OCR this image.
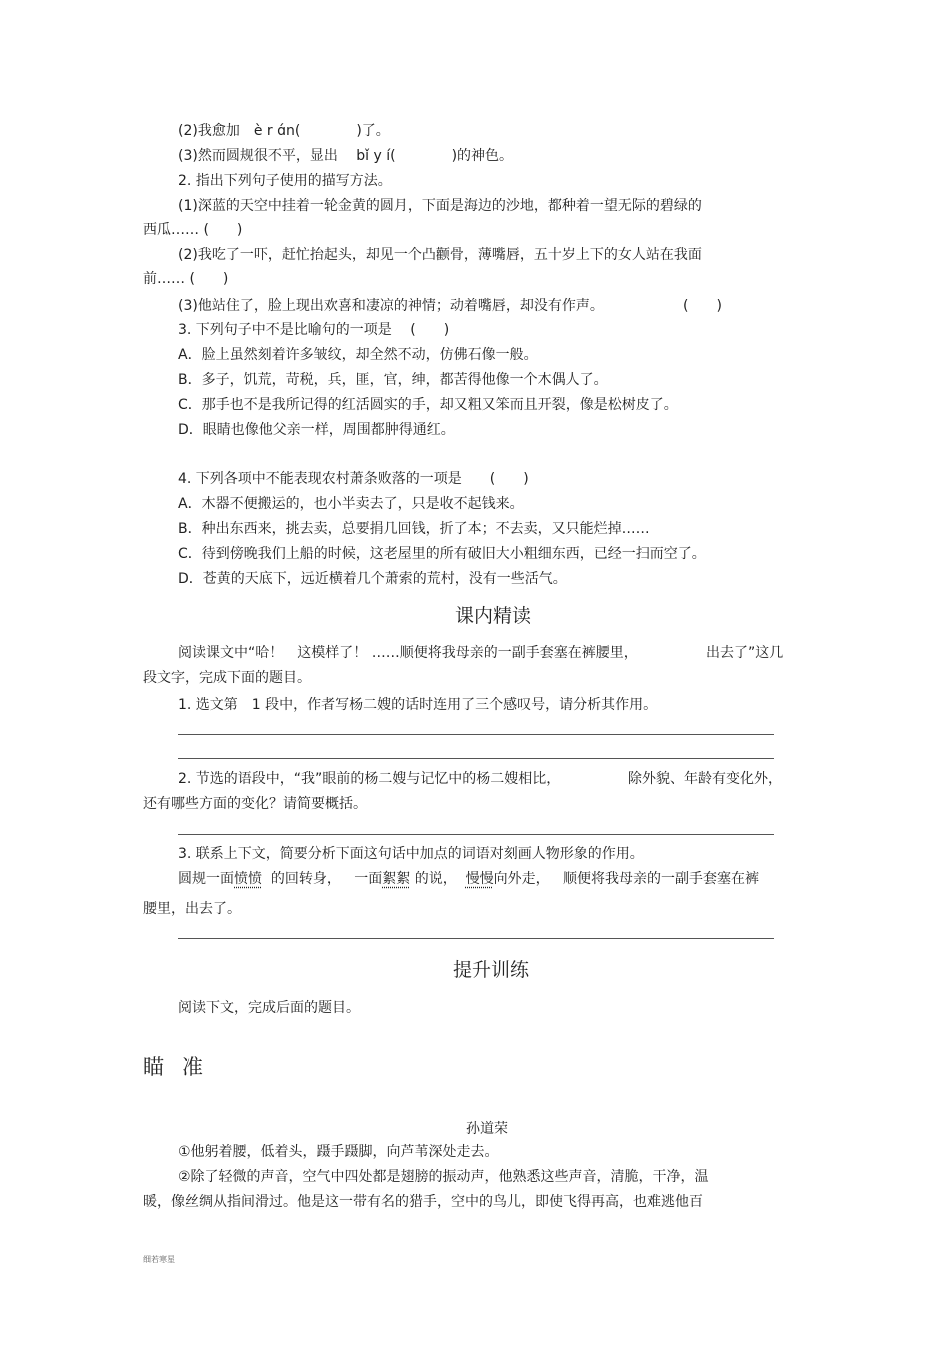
(2)我愈加　è r ɑ́n(　　　　)了。
(3)然而圆规很不平，显出　 bǐ y í(　　　　)的神色。
2. 指出下列句子使用的描写方法。
(1)深蓝的天空中挂着一轮金黄的圆月，下面是海边的沙地，都种着一望无际的碧绿的
西瓜…… (　　)
(2)我吃了一吓，赶忙抬起头，却见一个凸颧骨，薄嘴唇，五十岁上下的女人站在我面
前…… (　　)
(3)他站住了，脸上现出欢喜和凄凉的神情；动着嘴唇，却没有作声。	(　　)
3. 下列句子中不是比喻句的一项是　 (　　)
A．脸上虽然刻着许多皱纹，却全然不动，仿佛石像一般。
B．多子，饥荒，苛税，兵，匪，官，绅，都苦得他像一个木偶人了。
C．那手也不是我所记得的红活圆实的手，却又粗又笨而且开裂，像是松树皮了。
D．眼睛也像他父亲一样，周围都肿得通红。
4. 下列各项中不能表现农村萧条败落的一项是　　(　　)
A．木器不便搬运的，也小半卖去了，只是收不起钱来。
B．种出东西来，挑去卖，总要捐几回钱，折了本；不去卖，又只能烂掉……
C．待到傍晚我们上船的时候，这老屋里的所有破旧大小粗细东西，已经一扫而空了。
D．苍黄的天底下，远近横着几个萧索的荒村，没有一些活气。
课内精读
阅读课文中“哈！　这模样了！ ……顺便将我母亲的一副手套塞在裤腰里，	出去了”这几
段文字，完成下面的题目。
1. 选文第　1 段中，作者写杨二嫂的话时连用了三个感叹号，请分析其作用。
2. 节选的语段中，“我”眼前的杨二嫂与记忆中的杨二嫂相比，	除外貌、年龄有变化外，
还有哪些方面的变化？请简要概括。
3. 联系上下文，简要分析下面这句话中加点的词语对刻画人物形象的作用。
圆规一面愤愤 的回转身， 一面絮絮 的说， 慢慢向外走， 顺便将我母亲的一副手套塞在裤
腰里，出去了。
提升训练
阅读下文，完成后面的题目。
瞄准
孙道荣
①他躬着腰，低着头，蹑手蹑脚，向芦苇深处走去。
②除了轻微的声音，空气中四处都是翅膀的振动声，他熟悉这些声音，清脆，干净，温
暖，像丝绸从指间滑过。他是这一带有名的猎手，空中的鸟儿，即使飞得再高，也难逃他百
细若寒星
